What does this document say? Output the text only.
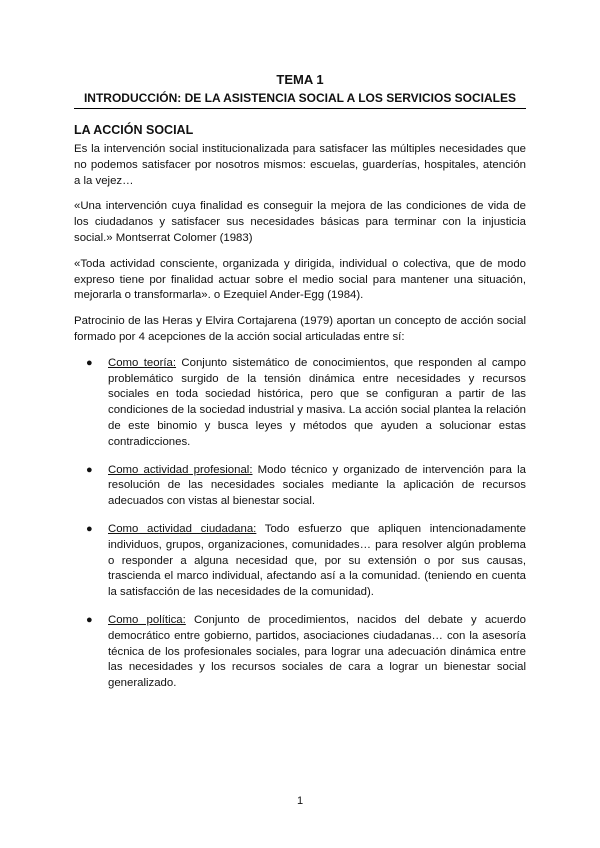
TEMA 1
INTRODUCCIÓN: DE LA ASISTENCIA SOCIAL A LOS SERVICIOS SOCIALES
LA ACCIÓN SOCIAL

Es la intervención social institucionalizada para satisfacer las múltiples necesidades que no podemos satisfacer por nosotros mismos: escuelas, guarderías, hospitales, atención a la vejez…

«Una intervención cuya finalidad es conseguir la mejora de las condiciones de vida de los ciudadanos y satisfacer sus necesidades básicas para terminar con la injusticia social.» Montserrat Colomer (1983)

«Toda actividad consciente, organizada y dirigida, individual o colectiva, que de modo expreso tiene por finalidad actuar sobre el medio social para mantener una situación, mejorarla o transformarla». o Ezequiel Ander-Egg (1984).

Patrocinio de las Heras y Elvira Cortajarena (1979) aportan un concepto de acción social formado por 4 acepciones de la acción social articuladas entre sí:

● Como teoría: Conjunto sistemático de conocimientos, que responden al campo problemático surgido de la tensión dinámica entre necesidades y recursos sociales en toda sociedad histórica, pero que se configuran a partir de las condiciones de la sociedad industrial y masiva. La acción social plantea la relación de este binomio y busca leyes y métodos que ayuden a solucionar estas contradicciones.
● Como actividad profesional: Modo técnico y organizado de intervención para la resolución de las necesidades sociales mediante la aplicación de recursos adecuados con vistas al bienestar social.
● Como actividad ciudadana: Todo esfuerzo que apliquen intencionadamente individuos, grupos, organizaciones, comunidades… para resolver algún problema o responder a alguna necesidad que, por su extensión o por sus causas, trascienda el marco individual, afectando así a la comunidad. (teniendo en cuenta la satisfacción de las necesidades de la comunidad).
● Como política: Conjunto de procedimientos, nacidos del debate y acuerdo democrático entre gobierno, partidos, asociaciones ciudadanas… con la asesoría técnica de los profesionales sociales, para lograr una adecuación dinámica entre las necesidades y los recursos sociales de cara a lograr un bienestar social generalizado.
1
